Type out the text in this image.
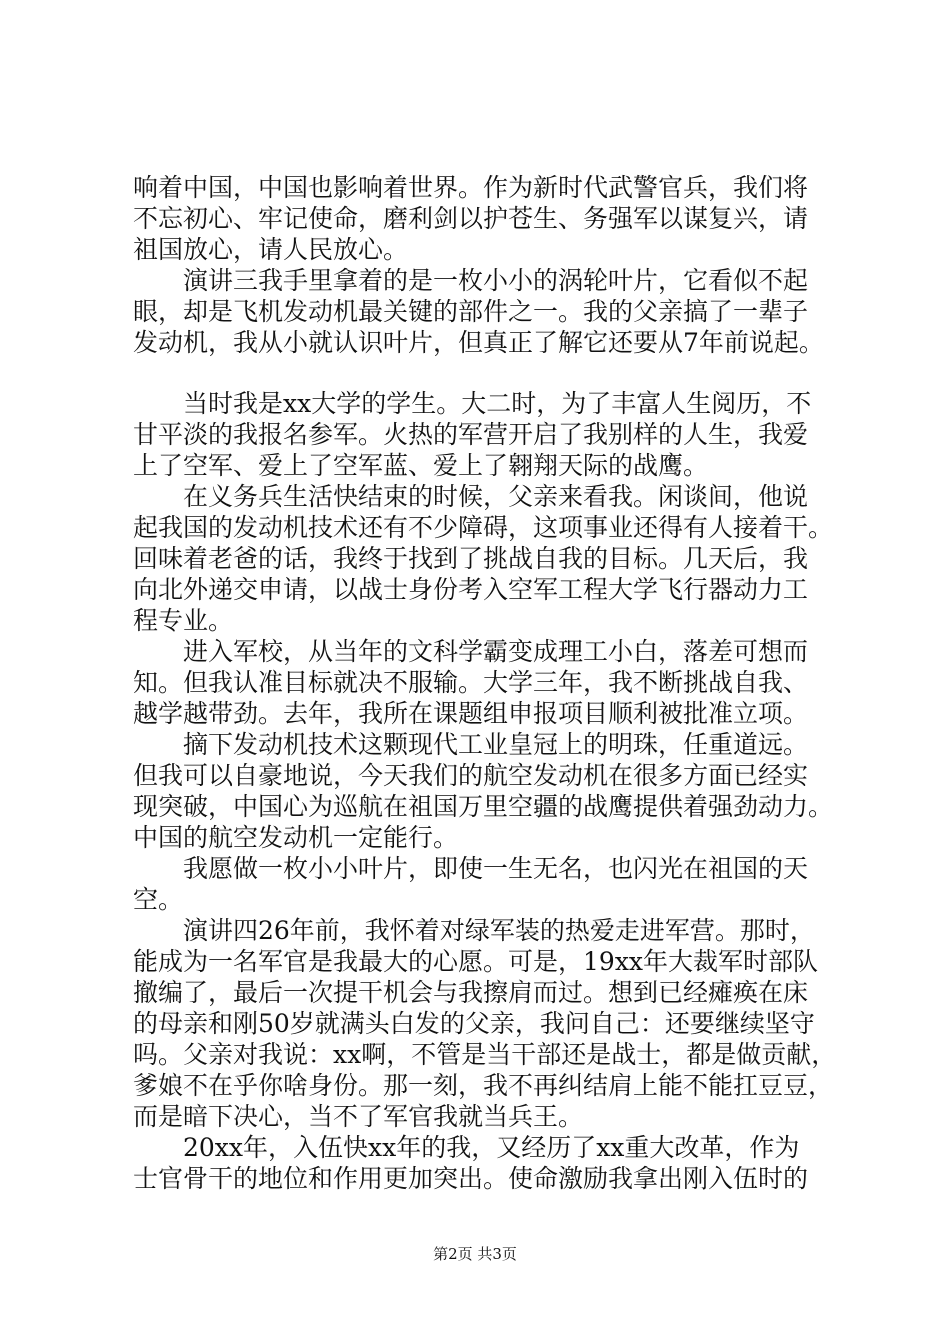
响着中国，中国也影响着世界。作为新时代武警官兵，我们将
不忘初心、牢记使命，磨利剑以护苍生、务强军以谋复兴，请
祖国放心，请人民放心。
　　演讲三我手里拿着的是一枚小小的涡轮叶片，它看似不起
眼，却是飞机发动机最关键的部件之一。我的父亲搞了一辈子
发动机，我从小就认识叶片，但真正了解它还要从7年前说起。
　　当时我是xx大学的学生。大二时，为了丰富人生阅历，不
甘平淡的我报名参军。火热的军营开启了我别样的人生，我爱
上了空军、爱上了空军蓝、爱上了翱翔天际的战鹰。
　　在义务兵生活快结束的时候，父亲来看我。闲谈间，他说
起我国的发动机技术还有不少障碍，这项事业还得有人接着干。
回味着老爸的话，我终于找到了挑战自我的目标。几天后，我
向北外递交申请，以战士身份考入空军工程大学飞行器动力工
程专业。
　　进入军校，从当年的文科学霸变成理工小白，落差可想而
知。但我认准目标就决不服输。大学三年，我不断挑战自我、
越学越带劲。去年，我所在课题组申报项目顺利被批准立项。
　　摘下发动机技术这颗现代工业皇冠上的明珠，任重道远。
但我可以自豪地说，今天我们的航空发动机在很多方面已经实
现突破，中国心为巡航在祖国万里空疆的战鹰提供着强劲动力。
中国的航空发动机一定能行。
　　我愿做一枚小小叶片，即使一生无名，也闪光在祖国的天
空。
　　演讲四26年前，我怀着对绿军装的热爱走进军营。那时，
能成为一名军官是我最大的心愿。可是，19xx年大裁军时部队
撤编了，最后一次提干机会与我擦肩而过。想到已经瘫痪在床
的母亲和刚50岁就满头白发的父亲，我问自己：还要继续坚守
吗。父亲对我说：xx啊，不管是当干部还是战士，都是做贡献，
爹娘不在乎你啥身份。那一刻，我不再纠结肩上能不能扛豆豆，
而是暗下决心，当不了军官我就当兵王。
　　20xx年，入伍快xx年的我，又经历了xx重大改革，作为
士官骨干的地位和作用更加突出。使命激励我拿出刚入伍时的
第2页 共3页
